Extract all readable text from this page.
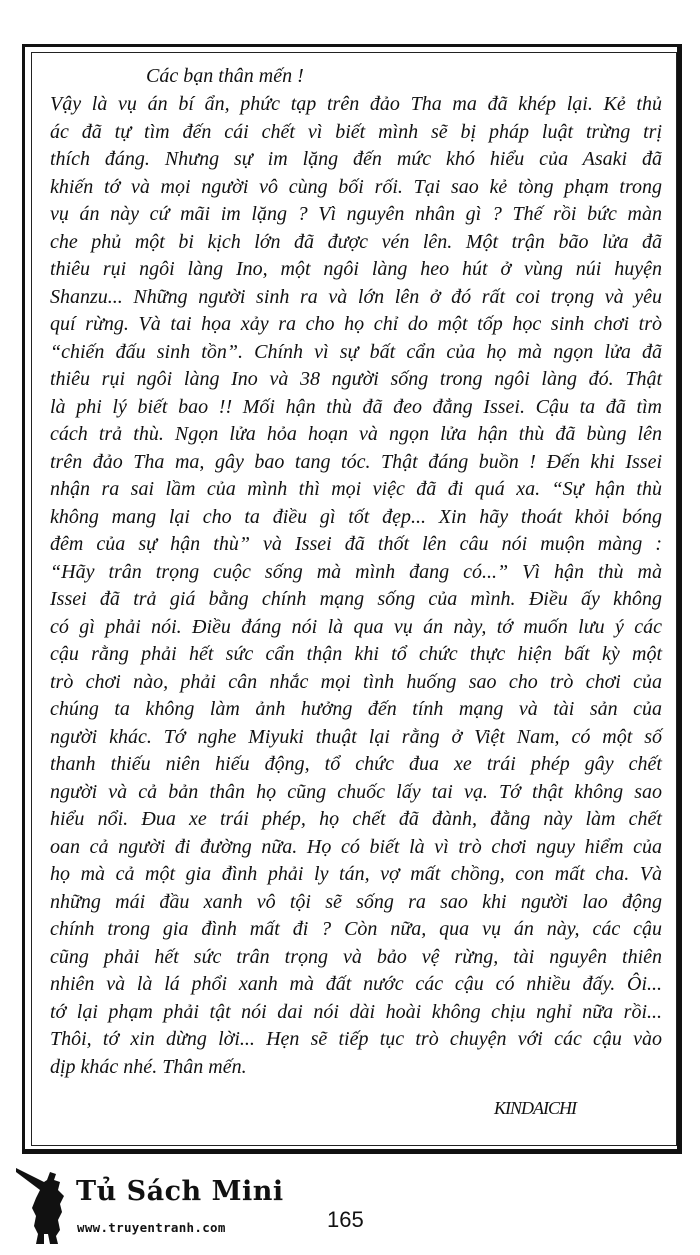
Các bạn thân mến !
Vậy là vụ án bí ẩn, phức tạp trên đảo Tha ma đã khép lại. Kẻ thủ
ác đã tự tìm đến cái chết vì biết mình sẽ bị pháp luật trừng trị
thích đáng. Nhưng sự im lặng đến mức khó hiểu của Asaki đã
khiến tớ và mọi người vô cùng bối rối. Tại sao kẻ tòng phạm trong
vụ án này cứ mãi im lặng ? Vì nguyên nhân gì ? Thế rồi bức màn
che phủ một bi kịch lớn đã được vén lên. Một trận bão lửa đã
thiêu rụi ngôi làng Ino, một ngôi làng heo hút ở vùng núi huyện
Shanzu... Những người sinh ra và lớn lên ở đó rất coi trọng và yêu
quí rừng. Và tai họa xảy ra cho họ chỉ do một tốp học sinh chơi trò
“chiến đấu sinh tồn”. Chính vì sự bất cẩn của họ mà ngọn lửa đã
thiêu rụi ngôi làng Ino và 38 người sống trong ngôi làng đó. Thật
là phi lý biết bao !! Mối hận thù đã đeo đẳng Issei. Cậu ta đã tìm
cách trả thù. Ngọn lửa hỏa hoạn và ngọn lửa hận thù đã bùng lên
trên đảo Tha ma, gây bao tang tóc. Thật đáng buồn ! Đến khi Issei
nhận ra sai lầm của mình thì mọi việc đã đi quá xa. “Sự hận thù
không mang lại cho ta điều gì tốt đẹp... Xin hãy thoát khỏi bóng
đêm của sự hận thù” và Issei đã thốt lên câu nói muộn màng :
“Hãy trân trọng cuộc sống mà mình đang có...” Vì hận thù mà
Issei đã trả giá bằng chính mạng sống của mình. Điều ấy không
có gì phải nói. Điều đáng nói là qua vụ án này, tớ muốn lưu ý các
cậu rằng phải hết sức cẩn thận khi tổ chức thực hiện bất kỳ một
trò chơi nào, phải cân nhắc mọi tình huống sao cho trò chơi của
chúng ta không làm ảnh hưởng đến tính mạng và tài sản của
người khác. Tớ nghe Miyuki thuật lại rằng ở Việt Nam, có một số
thanh thiếu niên hiếu động, tổ chức đua xe trái phép gây chết
người và cả bản thân họ cũng chuốc lấy tai vạ. Tớ thật không sao
hiểu nổi. Đua xe trái phép, họ chết đã đành, đằng này làm chết
oan cả người đi đường nữa. Họ có biết là vì trò chơi nguy hiểm của
họ mà cả một gia đình phải ly tán, vợ mất chồng, con mất cha. Và
những mái đầu xanh vô tội sẽ sống ra sao khi người lao động
chính trong gia đình mất đi ? Còn nữa, qua vụ án này, các cậu
cũng phải hết sức trân trọng và bảo vệ rừng, tài nguyên thiên
nhiên và là lá phổi xanh mà đất nước các cậu có nhiều đấy. Ôi...
tớ lại phạm phải tật nói dai nói dài hoài không chịu nghỉ nữa rồi...
Thôi, tớ xin dừng lời... Hẹn sẽ tiếp tục trò chuyện với các cậu vào
dịp khác nhé. Thân mến.
KINDAICHI
Tủ Sách Mini
www.truyentranh.com	165
